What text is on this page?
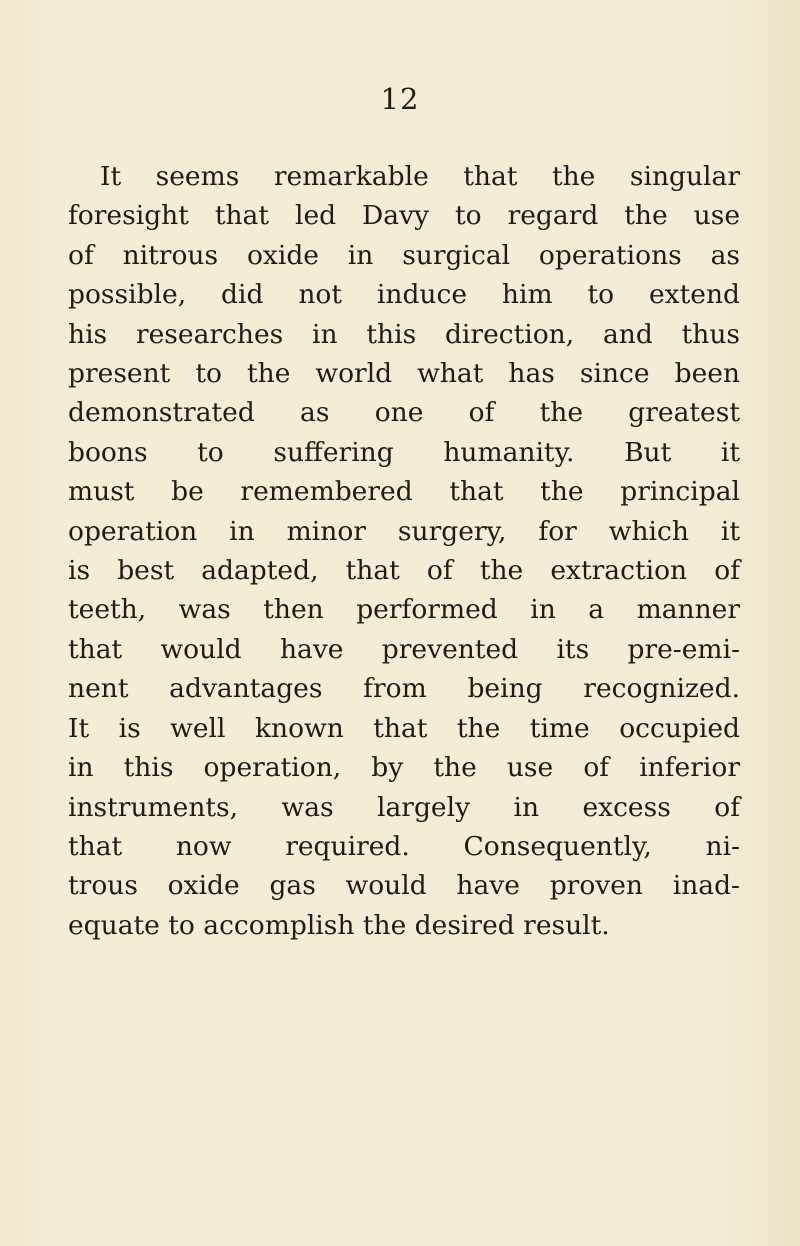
12

It seems remarkable that the singular
foresight that led Davy to regard the use
of nitrous oxide in surgical operations as
possible, did not induce him to extend
his researches in this direction, and thus
present to the world what has since been
demonstrated as one of the greatest
boons to suffering humanity. But it
must be remembered that the principal
operation in minor surgery, for which it
is best adapted, that of the extraction of
teeth, was then performed in a manner
that would have prevented its pre-emi-
nent advantages from being recognized.
It is well known that the time occupied
in this operation, by the use of inferior
instruments, was largely in excess of
that now required. Consequently, ni-
trous oxide gas would have proven inad-
equate to accomplish the desired result.
